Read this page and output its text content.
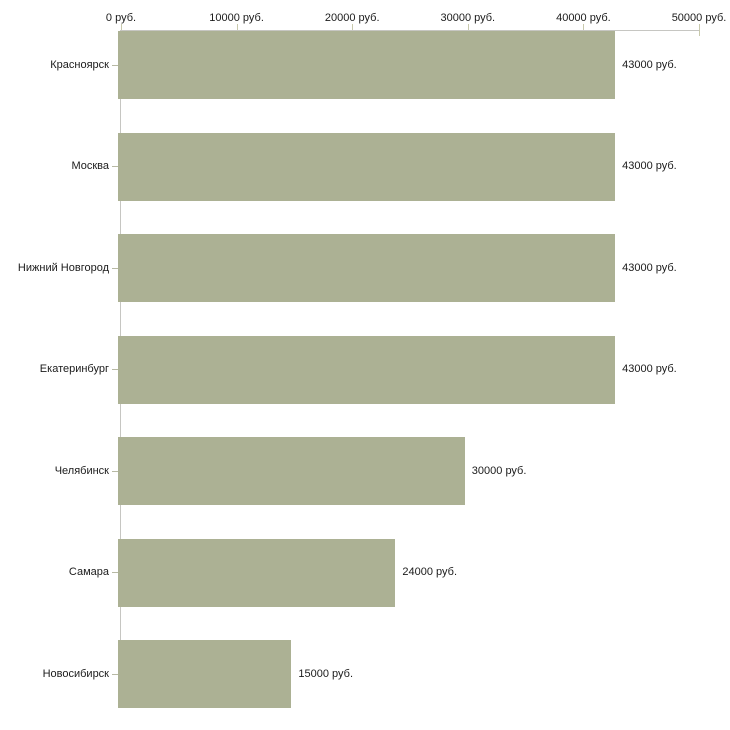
0 руб.	10000 руб.	20000 руб.	30000 руб.	40000 руб.	50000 руб.
Красноярск	43000 руб.
Москва	43000 руб.
Нижний Новгород	43000 руб.
Екатеринбург	43000 руб.
Челябинск	30000 руб.
Самара	24000 руб.
Новосибирск	15000 руб.
